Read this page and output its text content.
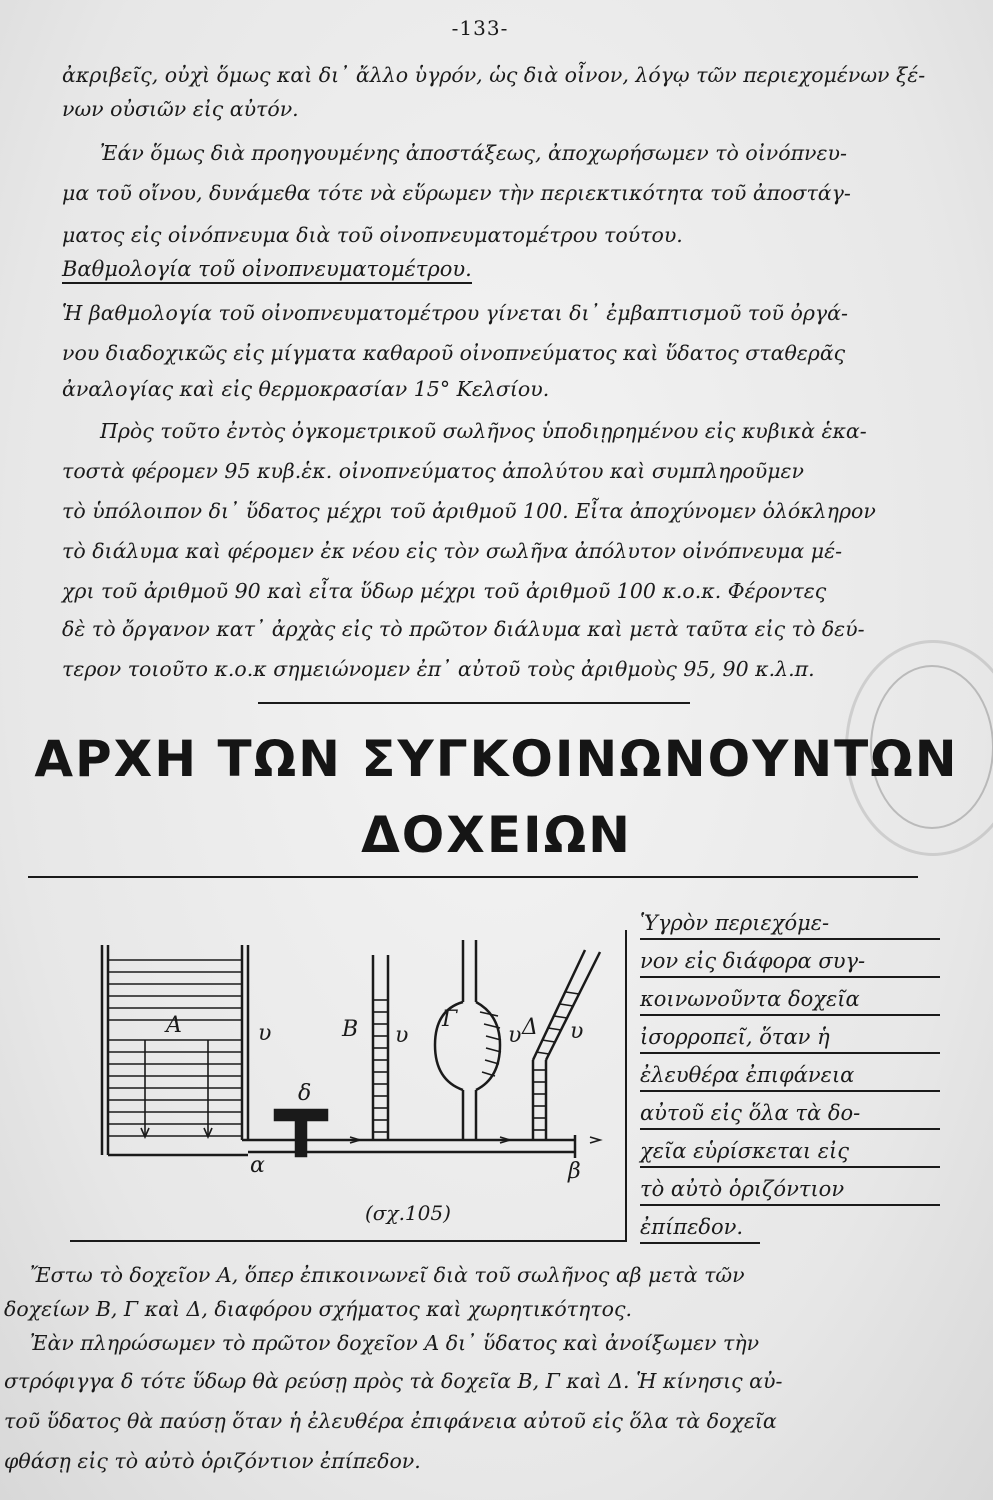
-133-
ἀκριβεῖς, οὐχὶ ὅμως καὶ δι᾿ ἄλλο ὑγρόν, ὡς διὰ οἶνον, λόγῳ τῶν περιεχομένων ξέ-
νων οὐσιῶν εἰς αὐτόν.
Ἐάν ὅμως διὰ προηγουμένης ἀποστάξεως, ἀποχωρήσωμεν τὸ οἰνόπνευ-
μα τοῦ οἴνου, δυνάμεθα τότε νὰ εὕρωμεν τὴν περιεκτικότητα τοῦ ἀποστάγ-
ματος εἰς οἰνόπνευμα διὰ τοῦ οἰνοπνευματομέτρου τούτου.
Βαθμολογία τοῦ οἰνοπνευματομέτρου.
Ἡ βαθμολογία τοῦ οἰνοπνευματομέτρου γίνεται δι᾿ ἐμβαπτισμοῦ τοῦ ὀργά-
νου διαδοχικῶς εἰς μίγματα καθαροῦ οἰνοπνεύματος καὶ ὕδατος σταθερᾶς
ἀναλογίας καὶ εἰς θερμοκρασίαν 15° Κελσίου.
Πρὸς τοῦτο ἐντὸς ὀγκομετρικοῦ σωλῆνος ὑποδιῃρημένου εἰς κυβικὰ ἑκα-
τοστὰ φέρομεν 95 κυβ.ἑκ. οἰνοπνεύματος ἀπολύτου καὶ συμπληροῦμεν
τὸ ὑπόλοιπον δι᾿ ὕδατος μέχρι τοῦ ἀριθμοῦ 100. Εἶτα ἀποχύνομεν ὁλόκληρον
τὸ διάλυμα καὶ φέρομεν ἐκ νέου εἰς τὸν σωλῆνα ἀπόλυτον οἰνόπνευμα μέ-
χρι τοῦ ἀριθμοῦ 90 καὶ εἶτα ὕδωρ μέχρι τοῦ ἀριθμοῦ 100 κ.ο.κ. Φέροντες
δὲ τὸ ὄργανον κατ᾿ ἀρχὰς εἰς τὸ πρῶτον διάλυμα καὶ μετὰ ταῦτα εἰς τὸ δεύ-
τερον τοιοῦτο κ.ο.κ σημειώνομεν ἐπ᾿ αὐτοῦ τοὺς ἀριθμοὺς 95, 90 κ.λ.π.
ΑΡΧΗ ΤΩΝ ΣΥΓΚΟΙΝΩΝΟΥΝΤΩΝ
ΔΟΧΕΙΩΝ
Α	υ	Β υ
Γ
υ Δ υ
δ
α	β
(σχ.105)
Ὑγρὸν περιεχόμε-
νον εἰς διάφορα συγ-
κοινωνοῦντα δοχεῖα
ἰσορροπεῖ, ὅταν ἡ
ἐλευθέρα ἐπιφάνεια
αὐτοῦ εἰς ὅλα τὰ δο-
χεῖα εὑρίσκεται εἰς
τὸ αὐτὸ ὁριζόντιον
ἐπίπεδον.
Ἔστω τὸ δοχεῖον Α, ὅπερ ἐπικοινωνεῖ διὰ τοῦ σωλῆνος αβ μετὰ τῶν
δοχείων Β, Γ καὶ Δ, διαφόρου σχήματος καὶ χωρητικότητος.
Ἐὰν πληρώσωμεν τὸ πρῶτον δοχεῖον Α δι᾿ ὕδατος καὶ ἀνοίξωμεν τὴν
στρόφιγγα δ τότε ὕδωρ θὰ ρεύσῃ πρὸς τὰ δοχεῖα Β, Γ καὶ Δ. Ἡ κίνησις αὐ-
τοῦ ὕδατος θὰ παύσῃ ὅταν ἡ ἐλευθέρα ἐπιφάνεια αὐτοῦ εἰς ὅλα τὰ δοχεῖα
φθάσῃ εἰς τὸ αὐτὸ ὁριζόντιον ἐπίπεδον.
